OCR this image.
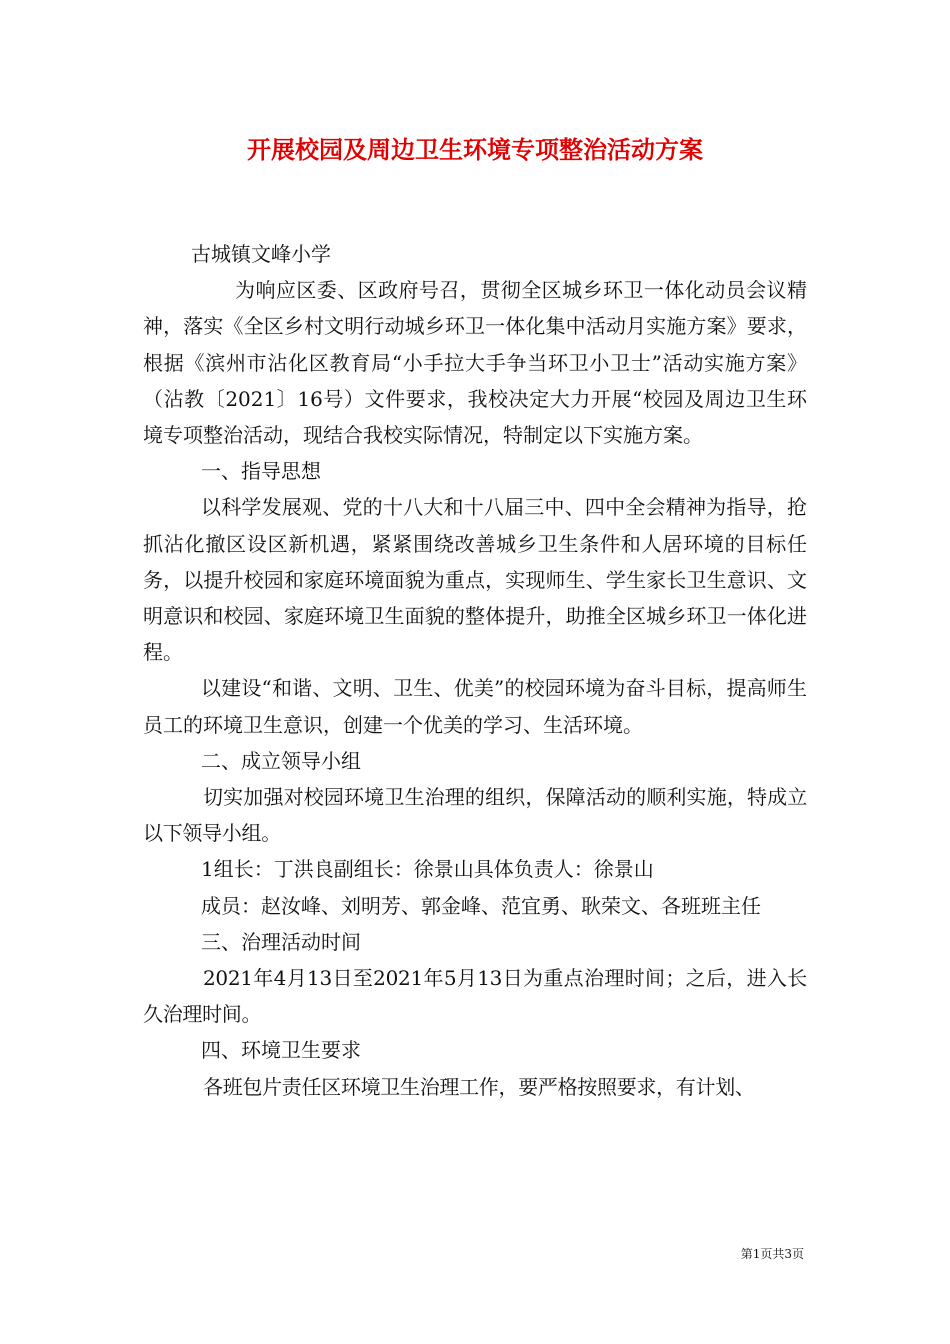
开展校园及周边卫生环境专项整治活动方案

古城镇文峰小学

为响应区委、区政府号召，贯彻全区城乡环卫一体化动员会议精神，落实《全区乡村文明行动城乡环卫一体化集中活动月实施方案》要求，根据《滨州市沾化区教育局“小手拉大手争当环卫小卫士”活动实施方案》（沾教〔2021〕16号）文件要求，我校决定大力开展“校园及周边卫生环境专项整治活动，现结合我校实际情况，特制定以下实施方案。

一、指导思想

以科学发展观、党的十八大和十八届三中、四中全会精神为指导，抢抓沾化撤区设区新机遇，紧紧围绕改善城乡卫生条件和人居环境的目标任务，以提升校园和家庭环境面貌为重点，实现师生、学生家长卫生意识、文明意识和校园、家庭环境卫生面貌的整体提升，助推全区城乡环卫一体化进程。

以建设“和谐、文明、卫生、优美”的校园环境为奋斗目标，提高师生员工的环境卫生意识，创建一个优美的学习、生活环境。

二、成立领导小组

切实加强对校园环境卫生治理的组织，保障活动的顺利实施，特成立以下领导小组。

1组长：丁洪良副组长：徐景山具体负责人：徐景山

成员：赵汝峰、刘明芳、郭金峰、范宜勇、耿荣文、各班班主任

三、治理活动时间

2021年4月13日至2021年5月13日为重点治理时间；之后，进入长久治理时间。

四、环境卫生要求

各班包片责任区环境卫生治理工作，要严格按照要求，有计划、

第1页共3页
